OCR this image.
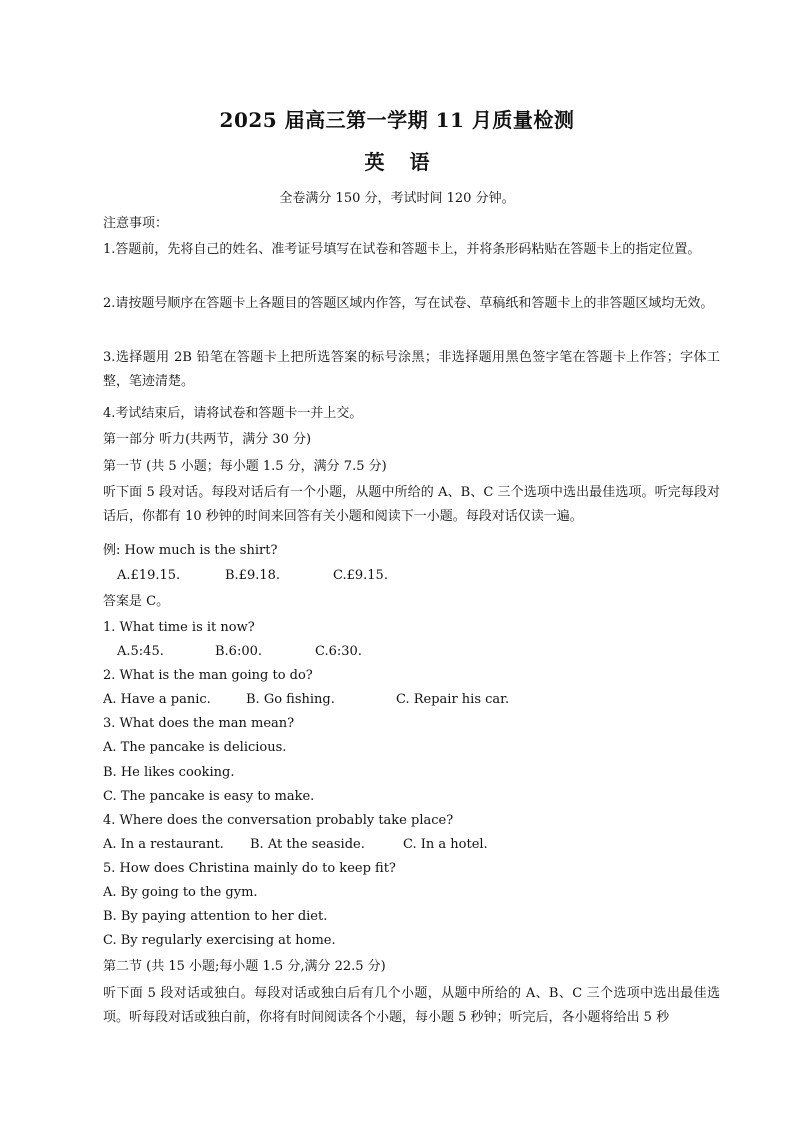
2025 届高三第一学期 11 月质量检测
英 语
全卷满分 150 分，考试时间 120 分钟。
注意事项：
1.答题前，先将自己的姓名、准考证号填写在试卷和答题卡上，并将条形码粘贴在答题卡上的指定位置。
2.请按题号顺序在答题卡上各题目的答题区域内作答，写在试卷、草稿纸和答题卡上的非答题区域均无效。
3.选择题用 2B 铅笔在答题卡上把所选答案的标号涂黑；非选择题用黑色签字笔在答题卡上作答；字体工整，笔迹清楚。
4.考试结束后，请将试卷和答题卡一并上交。
第一部分 听力(共两节，满分 30 分)
第一节 (共 5 小题；每小题 1.5 分，满分 7.5 分)
听下面 5 段对话。每段对话后有一个小题，从题中所给的 A、B、C 三个选项中选出最佳选项。听完每段对话后，你都有 10 秒钟的时间来回答有关小题和阅读下一小题。每段对话仅读一遍。
例: How much is the shirt?
A.£19.15.	B.£9.18.	C.£9.15.
答案是 C。
1. What time is it now?
A.5:45.	B.6:00.	C.6:30.
2. What is the man going to do?
A. Have a panic.	B. Go fishing.	C. Repair his car.
3. What does the man mean?
A. The pancake is delicious.
B. He likes cooking.
C. The pancake is easy to make.
4. Where does the conversation probably take place?
A. In a restaurant. B. At the seaside.	C. In a hotel.
5. How does Christina mainly do to keep fit?
A. By going to the gym.
B. By paying attention to her diet.
C. By regularly exercising at home.
第二节 (共 15 小题;每小题 1.5 分,满分 22.5 分)
听下面 5 段对话或独白。每段对话或独白后有几个小题，从题中所给的 A、B、C 三个选项中选出最佳选项。听每段对话或独白前，你将有时间阅读各个小题，每小题 5 秒钟；听完后，各小题将给出 5 秒
